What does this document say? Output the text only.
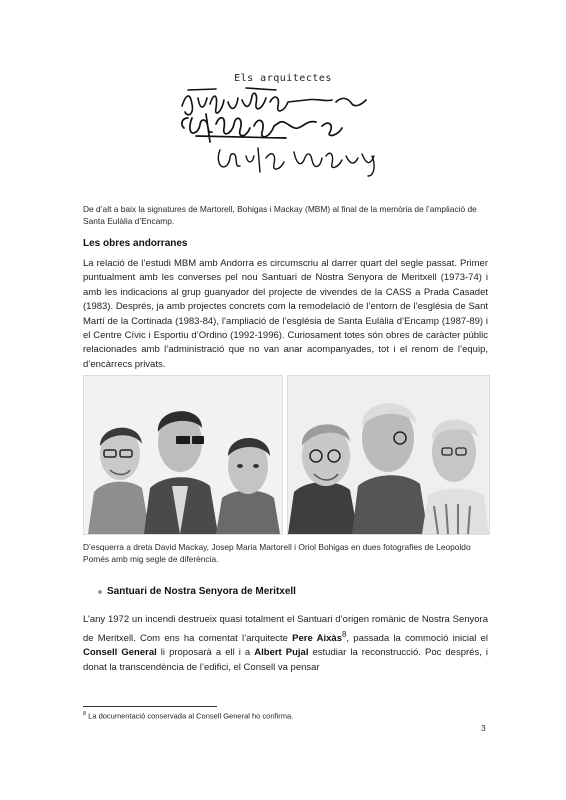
Els arquitectes
De d’alt a baix la signatures de Martorell, Bohigas i Mackay (MBM) al final de la memòria de l’ampliació de Santa Eulàlia d’Encamp.
Les obres andorranes
La relació de l’estudi MBM amb Andorra es circumscriu al darrer quart del segle passat. Primer puntualment amb les converses pel nou Santuari de Nostra Senyora de Meritxell (1973-74) i amb les indicacions al grup guanyador del projecte de vivendes de la CASS a Prada Casadet (1983). Després, ja amb projectes concrets com la remodelació de l’entorn de l’església de Sant Martí de la Cortinada (1983-84), l’ampliació de l’església de Santa Eulàlia d’Encamp (1987-89) i el Centre Cívic i Esportiu d’Ordino (1992-1996). Curiosament totes són obres de caràcter públic relacionades amb l’administració que no van anar acompanyades, tot i el renom de l’equip, d’encàrrecs privats.
D’esquerra a dreta David Mackay, Josep Maria Martorell i Oriol Bohigas en dues fotografies de Leopoldo Pomés amb mig segle de diferència.
Santuari de Nostra Senyora de Meritxell
L’any 1972 un incendi destrueix quasi totalment el Santuari d’origen romànic de Nostra Senyora de Meritxell. Com ens ha comentat l’arquitecte Pere Aixàs$^8$, passada la commoció inicial el Consell General li proposarà a ell i a Albert Pujal estudiar la reconstrucció. Poc després, i donat la transcendència de l’edifici, el Consell va pensar
$^8$ La documentació conservada al Consell General ho confirma.
3
